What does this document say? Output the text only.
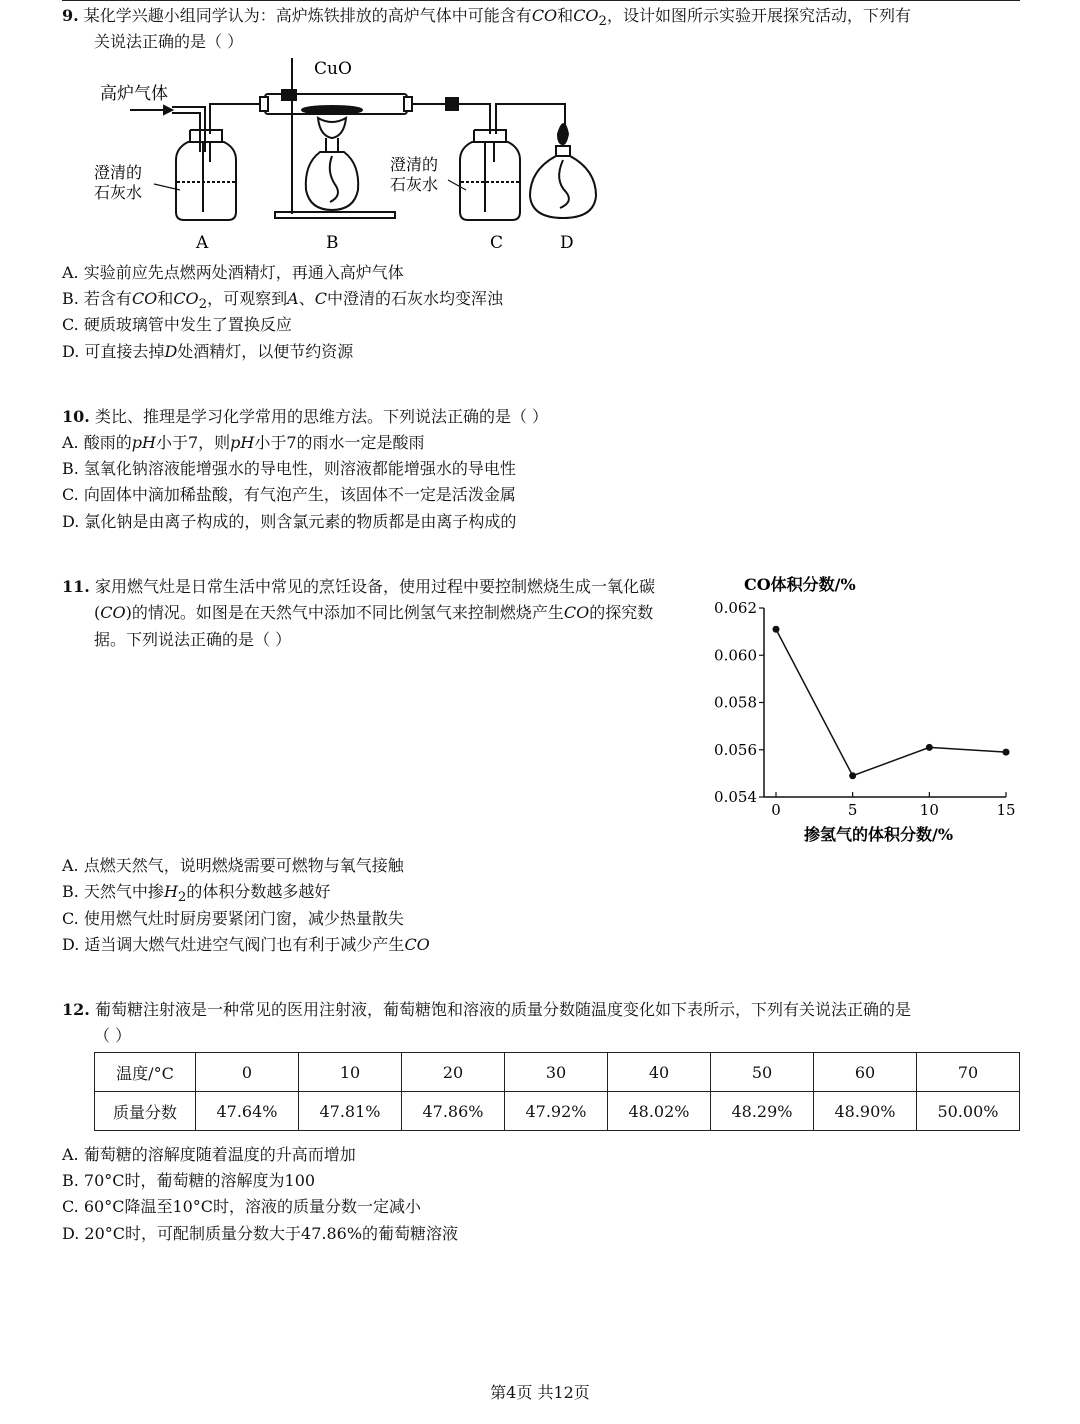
9. 某化学兴趣小组同学认为：高炉炼铁排放的高炉气体中可能含有CO和$CO_2$，设计如图所示实验开展探究活动，下列有
关说法正确的是（ ）
高炉气体
CuO
澄清的
石灰水
澄清的
石灰水
A	B	C	D
A. 实验前应先点燃两处酒精灯，再通入高炉气体
B. 若含有CO和$CO_2$，可观察到A、C中澄清的石灰水均变浑浊
C. 硬质玻璃管中发生了置换反应
D. 可直接去掉D处酒精灯，以便节约资源
10. 类比、推理是学习化学常用的思维方法。下列说法正确的是（ ）
A. 酸雨的pH小于7，则pH小于7的雨水一定是酸雨
B. 氢氧化钠溶液能增强水的导电性，则溶液都能增强水的导电性
C. 向固体中滴加稀盐酸，有气泡产生，该固体不一定是活泼金属
D. 氯化钠是由离子构成的，则含氯元素的物质都是由离子构成的
11. 家用燃气灶是日常生活中常见的烹饪设备，使用过程中要控制燃烧生成一氧化碳
(CO)的情况。如图是在天然气中添加不同比例氢气来控制燃烧产生CO的探究数
据。下列说法正确的是（ ）
CO体积分数/%
掺氢气的体积分数/%
0.054
0.056
0.058
0.060
0.062
0	5	10	15
A. 点燃天然气，说明燃烧需要可燃物与氧气接触
B. 天然气中掺$H_2$的体积分数越多越好
C. 使用燃气灶时厨房要紧闭门窗，减少热量散失
D. 适当调大燃气灶进空气阀门也有利于减少产生CO
12. 葡萄糖注射液是一种常见的医用注射液，葡萄糖饱和溶液的质量分数随温度变化如下表所示，下列有关说法正确的是
（ ）
温度/°C	0	10	20	30	40	50	60	70
质量分数	47.64%	47.81%	47.86%	47.92%	48.02%	48.29%	48.90%	50.00%
A. 葡萄糖的溶解度随着温度的升高而增加
B. 70°C时，葡萄糖的溶解度为100
C. 60°C降温至10°C时，溶液的质量分数一定减小
D. 20°C时，可配制质量分数大于47.86%的葡萄糖溶液
第4页 共12页
